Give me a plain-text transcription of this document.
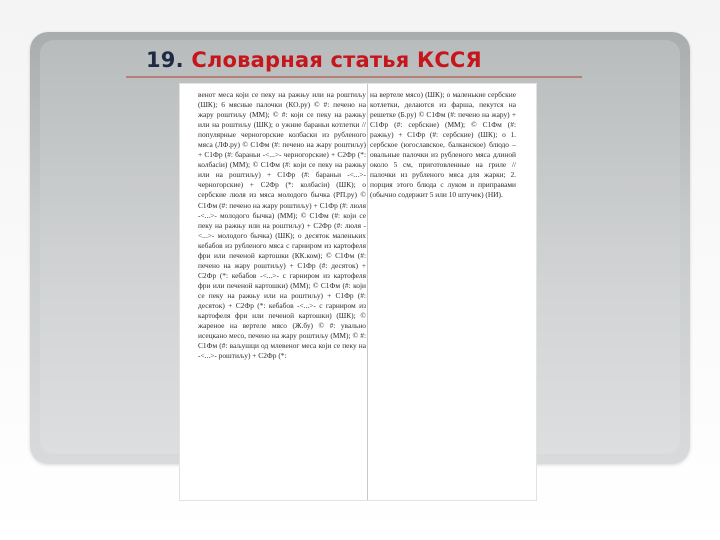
19. Словарная статья КССЯ
венот меса који се пеку на ражњу или на роштиљу (ШК); 6 мясные палочки (КО.ру) © #: печено на жару роштиљу (ММ); © #: који се пеку на ражњу или на роштиљу (ШК); о ужние бараньи котлетки // популярные черногорские колбаски из рубленого мяса (ЛФ.ру) © С1Фм (#: печено на жару роштиљу) + С1Фр (#: бараньи -<...>- черногорские) + С2Фр (*: колбасіи) (ММ); © С1Фм (#: који се пеку на ражњу или на роштиљу) + С1Фр (#: бараньи -<...>- черногорские) + С2Фр (*: колбасіи) (ШК); о сербские люля из мяса молодого бычка (РП.ру) © С1Фм (#: печено на жару роштиљу) + С1Фр (#: люля -<...>- молодого бычка) (ММ); © С1Фм (#: који се пеку на ражњу или на роштиљу) + С2Фр (#: люля -<...>- молодого бычка) (ШК); о десяток маленьких кебабов из рубленого мяса с гарниром из картофеля фри или печеной картошки (КК.ком); © С1Фм (#: печено на жару роштиљу) + С1Фр (#: десяток) + С2Фр (*: кебабов -<...>- с гарниром из картофеля фри или печеной картошки) (ММ); © С1Фм (#: који се пеку на ражњу или на роштиљу) + С1Фр (#: десяток) + С2Фр (*: кебабов -<...>- с гарниром из картофеля фри или печеной картошки) (ШК); © жареное на вертеле мясо (Ж.бу) © #: увально исецкано месо, печено на жару роштиљу (ММ); © #: С1Фм (#: ваљушци од млевеног меса који се пеку на -<...>- роштиљу) + С2Фр (*:
на вертеле мясо) (ШК); о маленькие сербские котлетки, делаются из фарша, пекутся на решетке (Б.ру) © С1Фм (#: печено на жару) + С1Фр (#: сербские) (ММ); © С1Фм (#: ражњу) + С1Фр (#: сербские) (ШК); о 1. сербское (югославское, балканское) блюдо – овальные палочки из рубленого мяса длиной около 5 см, приготовленные на гриле // палочки из рубленого мяса для жарки; 2. порция этого блюда с луком и приправами (обычно содержит 5 или 10 штучек) (НИ).
